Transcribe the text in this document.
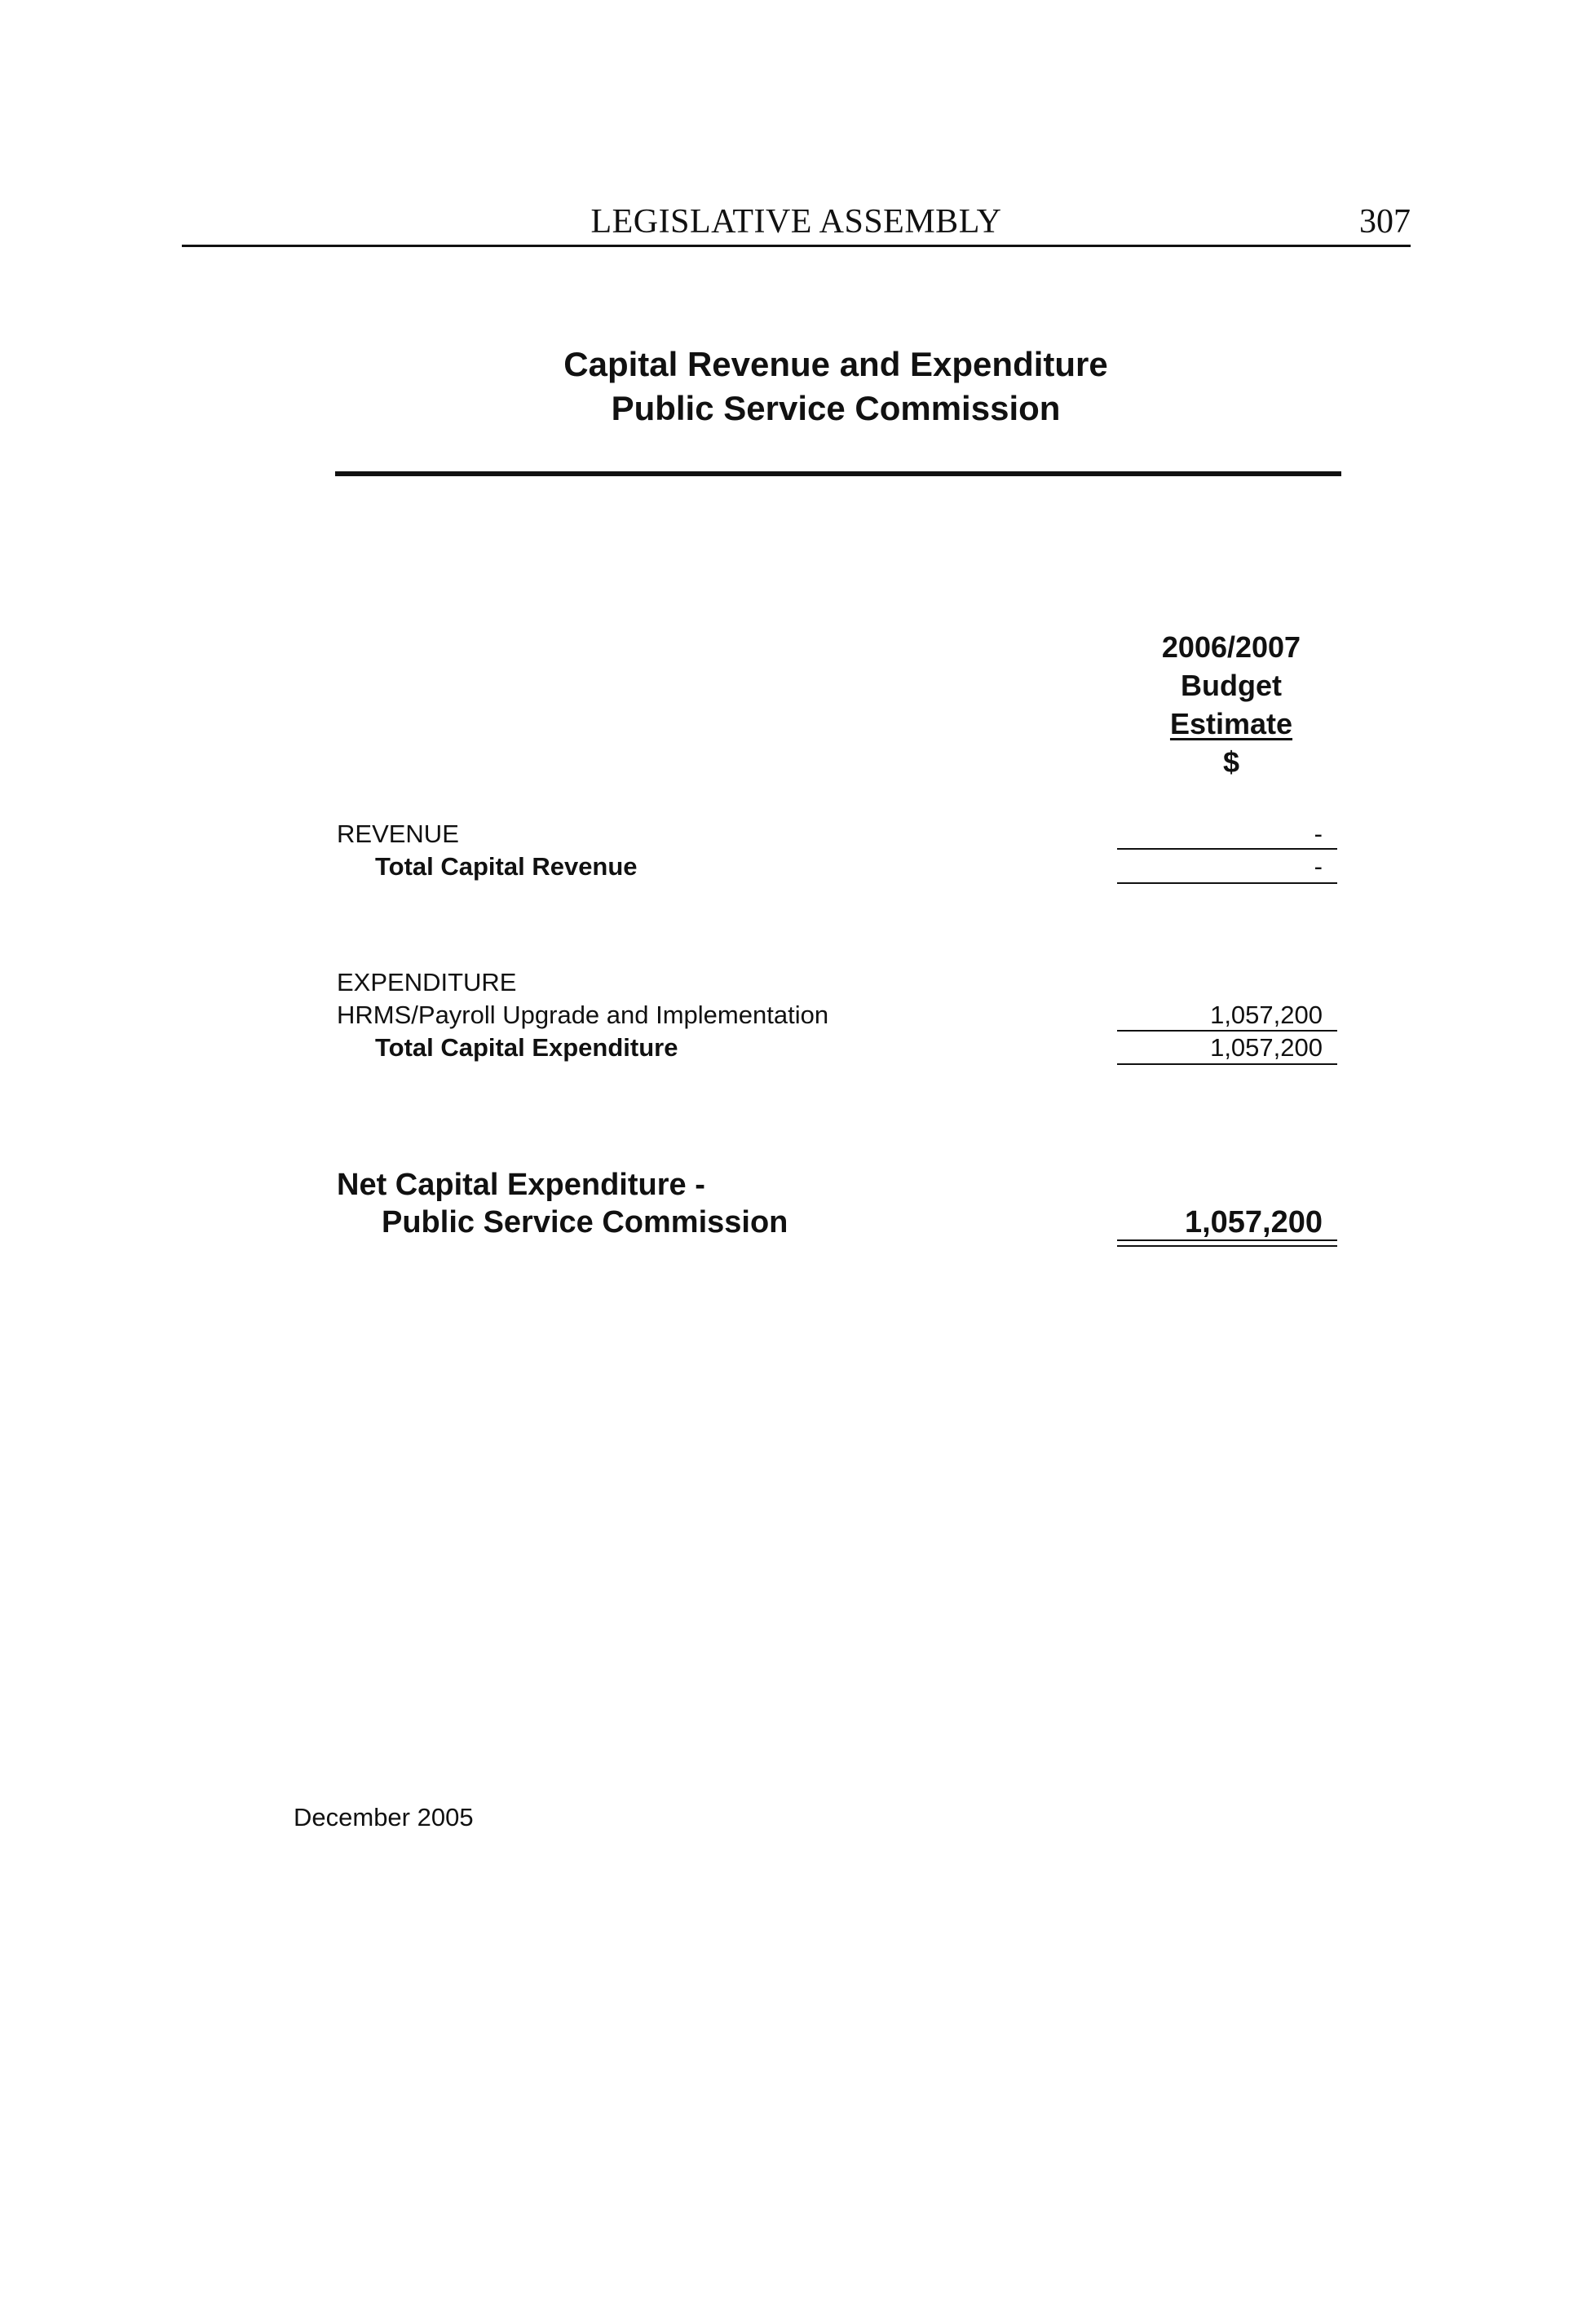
LEGISLATIVE ASSEMBLY	307
Capital Revenue and Expenditure
Public Service Commission
2006/2007
Budget
Estimate
$
REVENUE	-
Total Capital Revenue	-
EXPENDITURE
HRMS/Payroll Upgrade and Implementation	1,057,200
Total Capital Expenditure	1,057,200
Net Capital Expenditure -
Public Service Commission	1,057,200
December 2005
